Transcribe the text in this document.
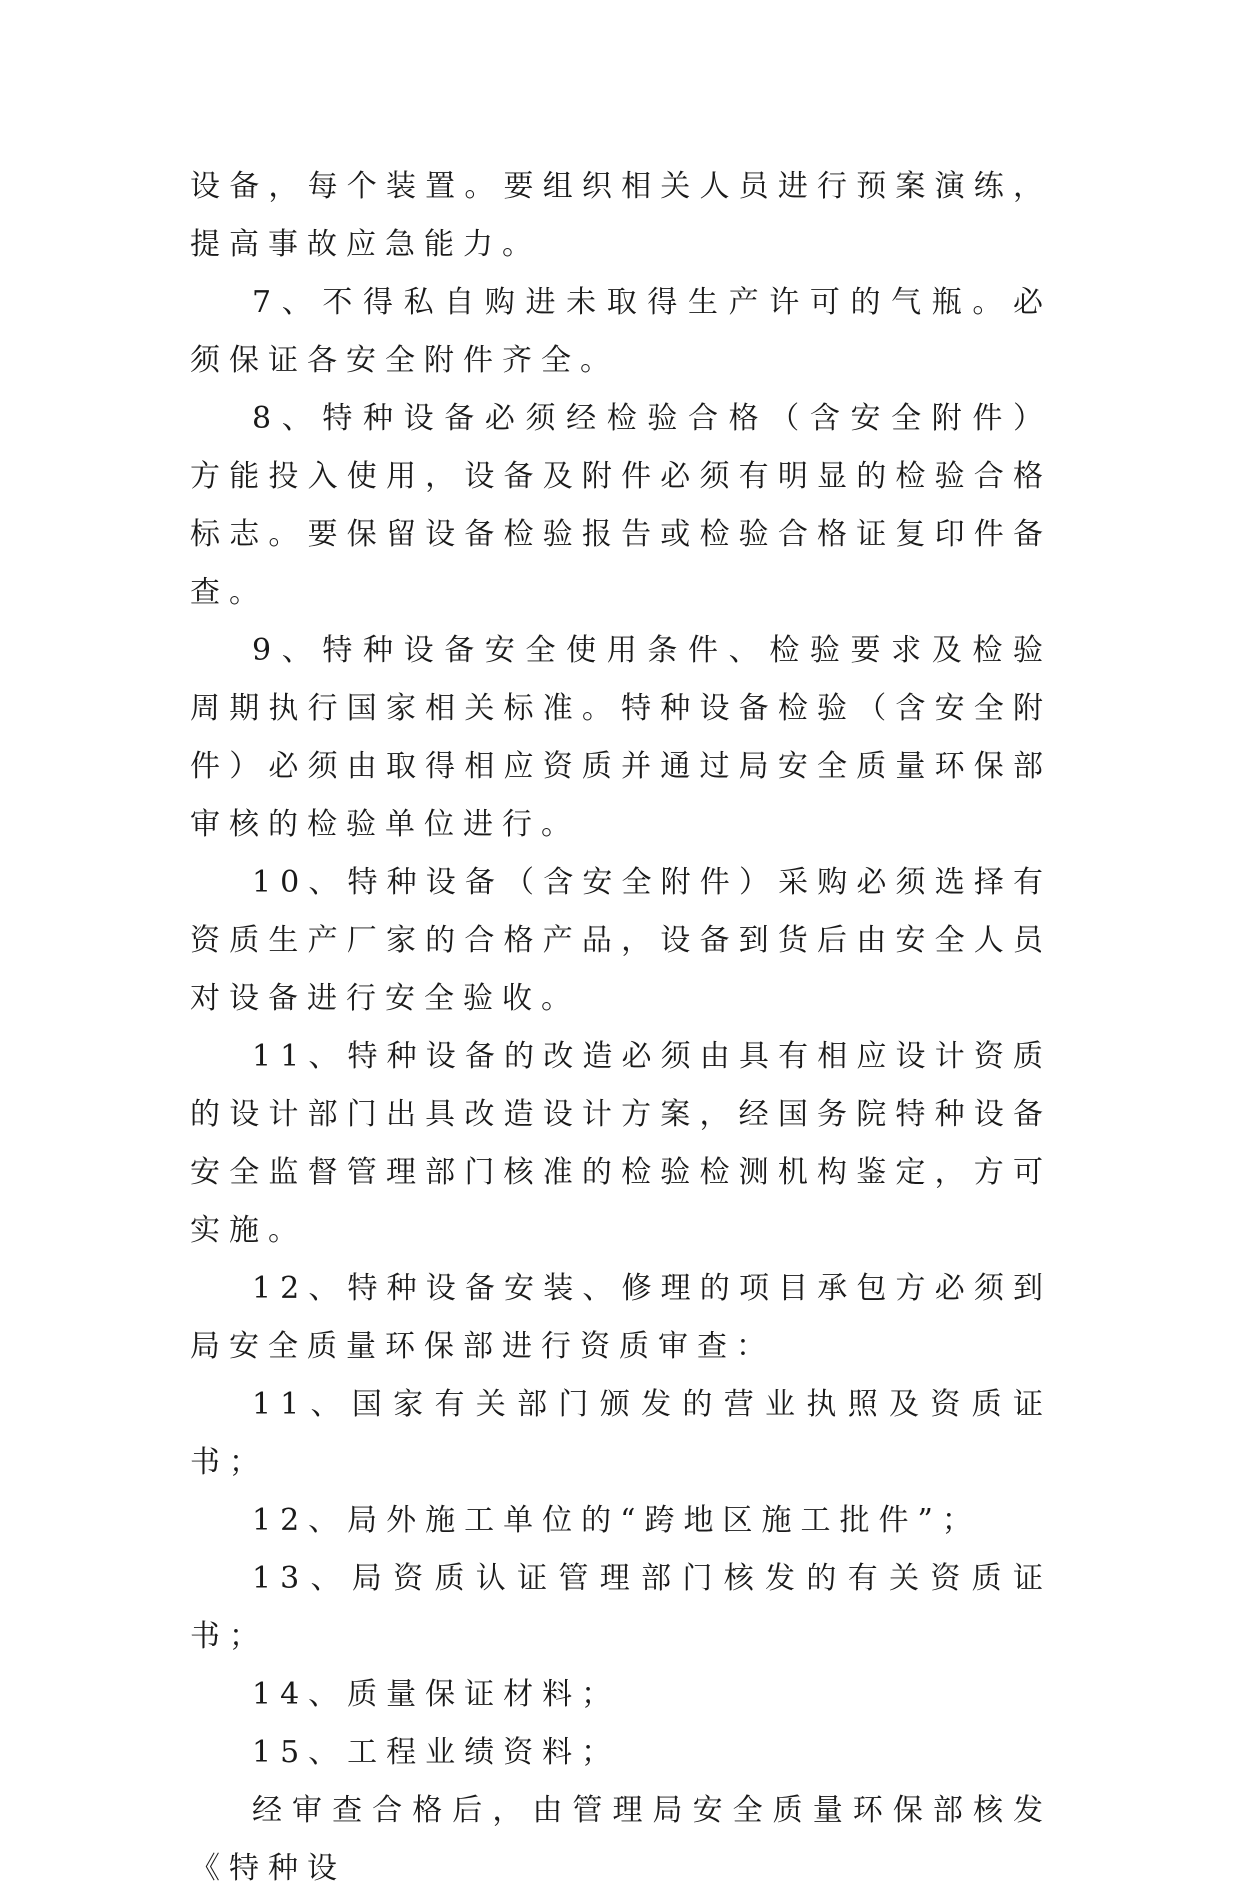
设备，每个装置。要组织相关人员进行预案演练，提高事故应急能力。

7、不得私自购进未取得生产许可的气瓶。必须保证各安全附件齐全。

8、特种设备必须经检验合格（含安全附件）方能投入使用，设备及附件必须有明显的检验合格标志。要保留设备检验报告或检验合格证复印件备查。

9、特种设备安全使用条件、检验要求及检验周期执行国家相关标准。特种设备检验（含安全附件）必须由取得相应资质并通过局安全质量环保部审核的检验单位进行。

10、特种设备（含安全附件）采购必须选择有资质生产厂家的合格产品，设备到货后由安全人员对设备进行安全验收。

11、特种设备的改造必须由具有相应设计资质的设计部门出具改造设计方案，经国务院特种设备安全监督管理部门核准的检验检测机构鉴定，方可实施。

12、特种设备安装、修理的项目承包方必须到局安全质量环保部进行资质审查：

11、国家有关部门颁发的营业执照及资质证书；

12、局外施工单位的“跨地区施工批件”；

13、局资质认证管理部门核发的有关资质证书；

14、质量保证材料；

15、工程业绩资料；

经审查合格后，由管理局安全质量环保部核发《特种设
